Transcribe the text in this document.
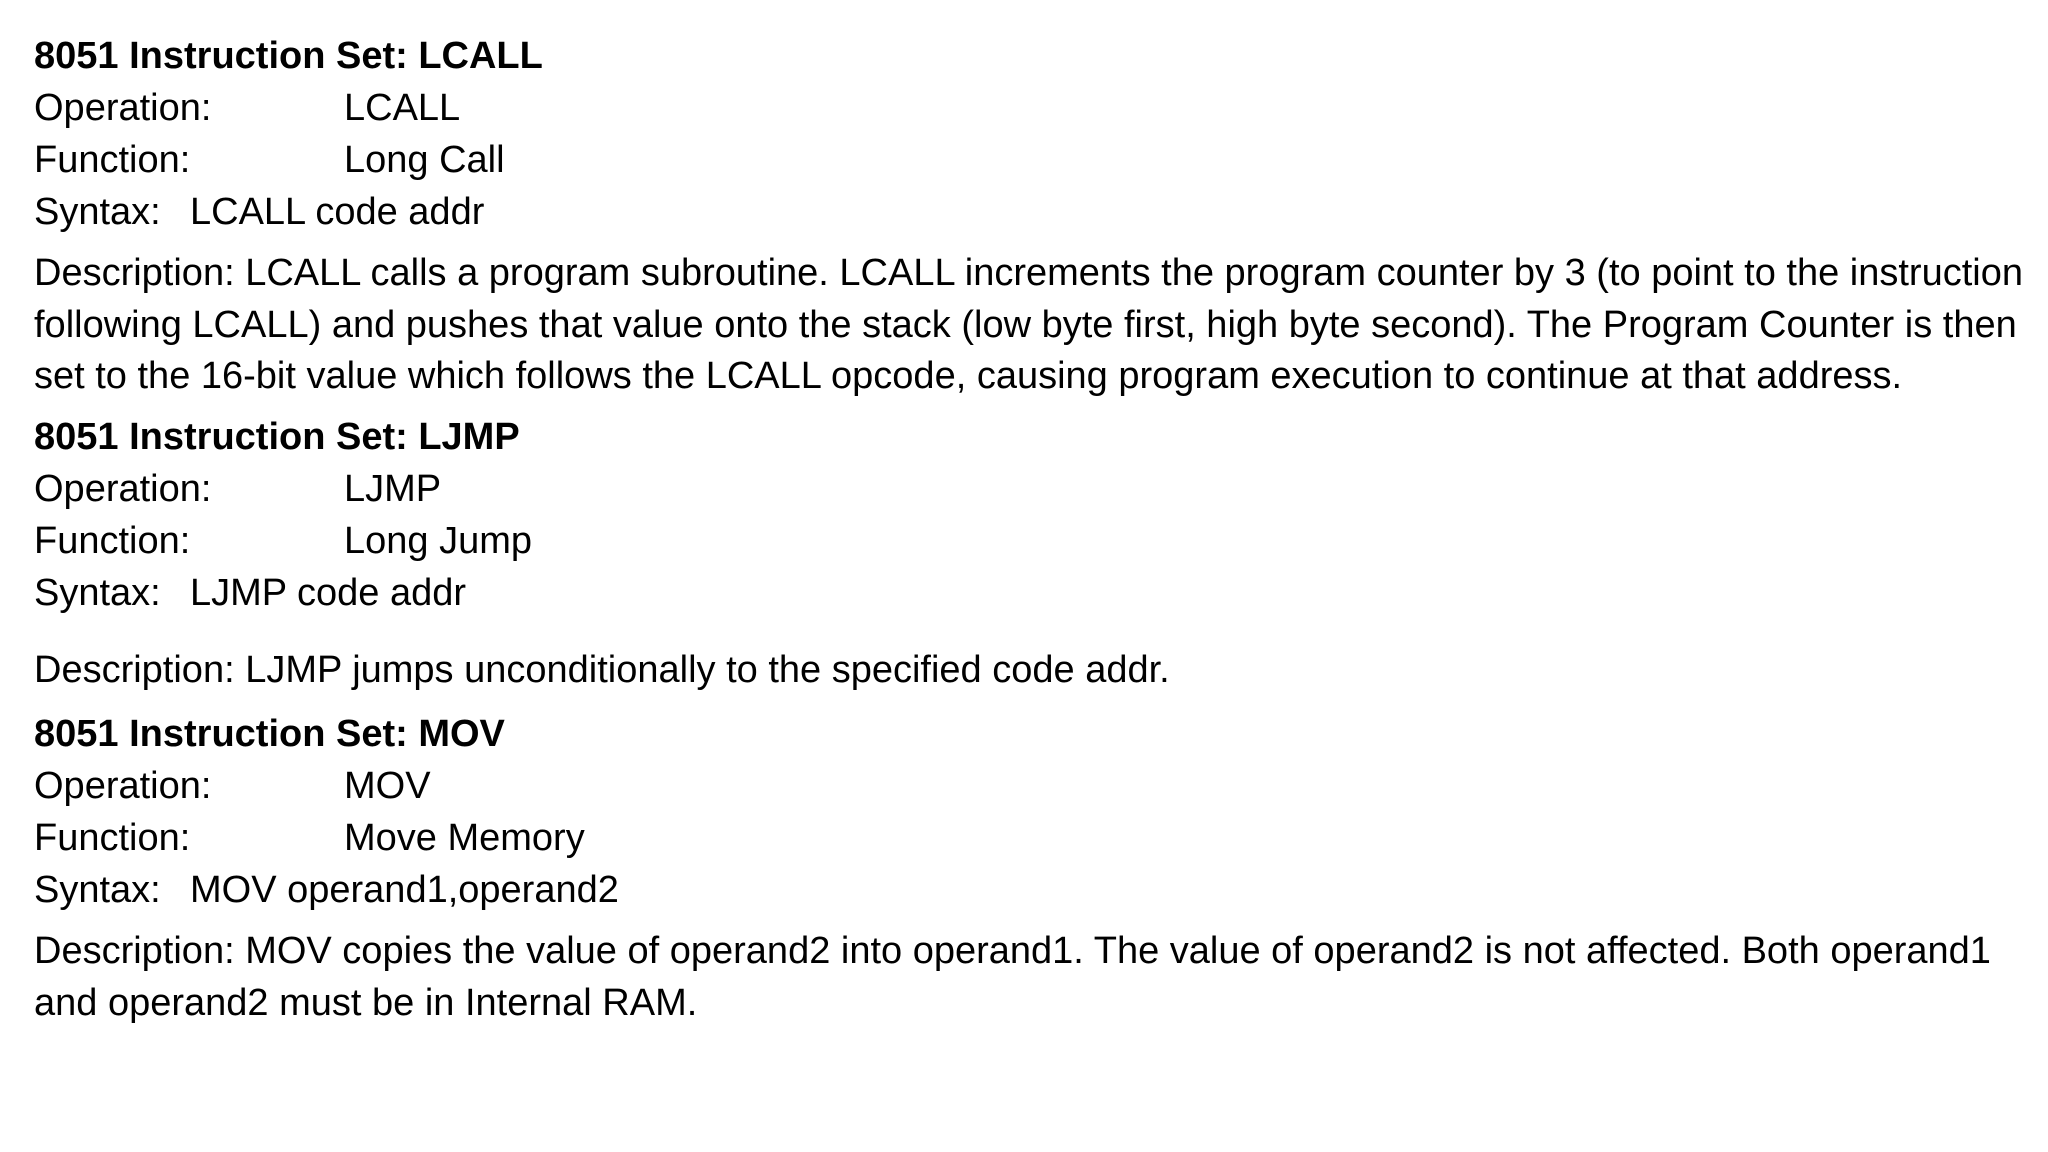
8051 Instruction Set: LCALL
Operation:	LCALL
Function:	Long Call
Syntax: LCALL code addr
Description: LCALL calls a program subroutine. LCALL increments the program counter by 3 (to point to the instruction following LCALL) and pushes that value onto the stack (low byte first, high byte second). The Program Counter is then set to the 16-bit value which follows the LCALL opcode, causing program execution to continue at that address.
8051 Instruction Set: LJMP
Operation:	LJMP
Function:	Long Jump
Syntax: LJMP code addr
Description: LJMP jumps unconditionally to the specified code addr.
8051 Instruction Set: MOV
Operation:	MOV
Function:	Move Memory
Syntax: MOV operand1,operand2
Description: MOV copies the value of operand2 into operand1. The value of operand2 is not affected. Both operand1 and operand2 must be in Internal RAM.
